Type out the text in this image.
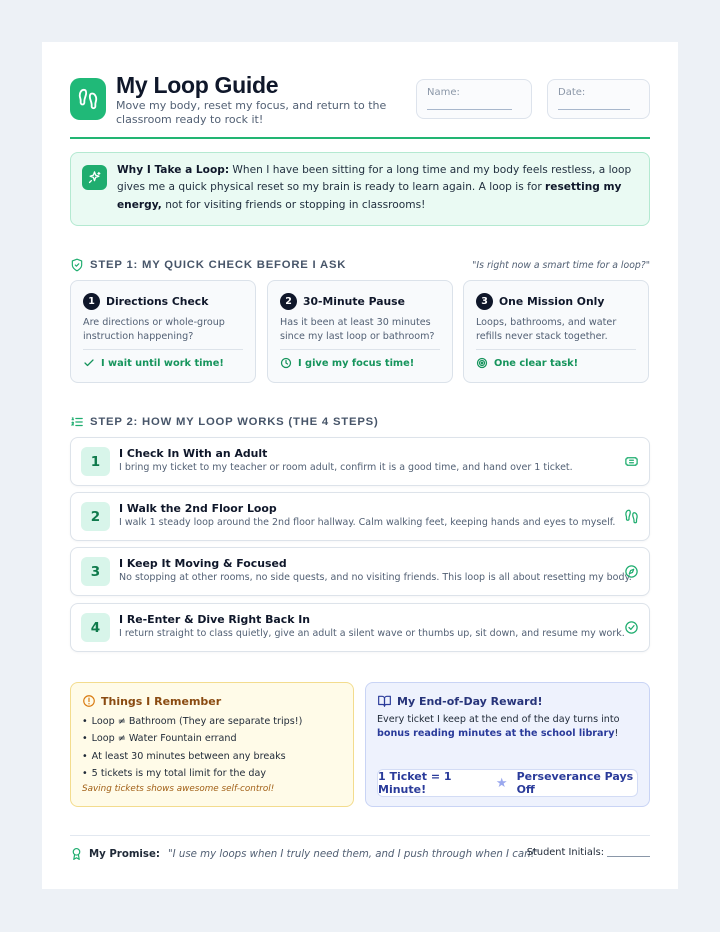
My Loop Guide
Move my body, reset my focus, and return to the classroom ready to rock it!
Name:	Date:
Why I Take a Loop: When I have been sitting for a long time and my body feels restless, a loop gives me a quick physical reset so my brain is ready to learn again. A loop is for resetting my energy, not for visiting friends or stopping in classrooms!
STEP 1: MY QUICK CHECK BEFORE I ASK	"Is right now a smart time for a loop?"
1	Directions Check
Are directions or whole-group instruction happening?
I wait until work time!
2	30-Minute Pause
Has it been at least 30 minutes since my last loop or bathroom?
I give my focus time!
3	One Mission Only
Loops, bathrooms, and water refills never stack together.
One clear task!
STEP 2: HOW MY LOOP WORKS (THE 4 STEPS)
1	I Check In With an Adult
I bring my ticket to my teacher or room adult, confirm it is a good time, and hand over 1 ticket.
2	I Walk the 2nd Floor Loop
I walk 1 steady loop around the 2nd floor hallway. Calm walking feet, keeping hands and eyes to myself.
3	I Keep It Moving & Focused
No stopping at other rooms, no side quests, and no visiting friends. This loop is all about resetting my body.
4	I Re-Enter & Dive Right Back In
I return straight to class quietly, give an adult a silent wave or thumbs up, sit down, and resume my work.
Things I Remember
• Loop ≠ Bathroom (They are separate trips!)
• Loop ≠ Water Fountain errand
• At least 30 minutes between any breaks
• 5 tickets is my total limit for the day
Saving tickets shows awesome self-control!
My End-of-Day Reward!
Every ticket I keep at the end of the day turns into bonus reading minutes at the school library!
1 Ticket = 1 Minute!	★ Perseverance Pays Off
My Promise: "I use my loops when I truly need them, and I push through when I can!"
Student Initials:
